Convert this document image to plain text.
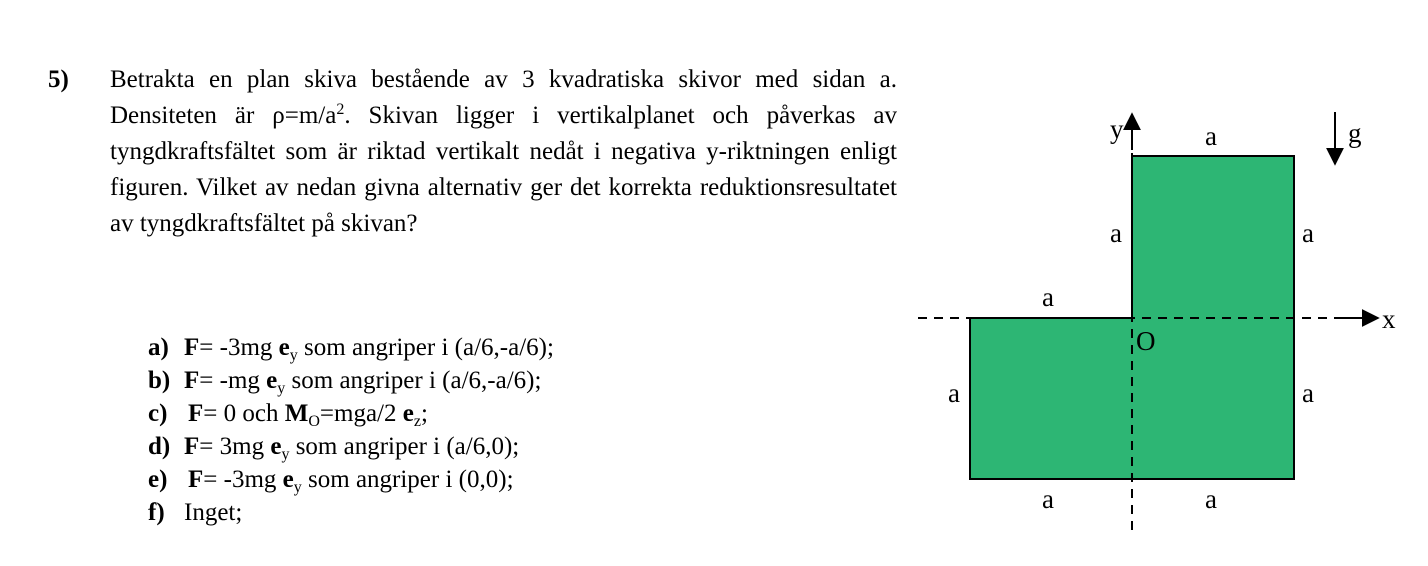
5) Betrakta en plan skiva bestående av 3 kvadratiska skivor med sidan a. Densiteten är $\rho=m/a^2$. Skivan ligger i vertikalplanet och påverkas av tyngdkraftsfältet som är riktad vertikalt nedåt i negativa y-riktningen enligt figuren. Vilket av nedan givna alternativ ger det korrekta reduktionsresultatet av tyngdkraftsfältet på skivan?
a) F= -3mg $e_y$ som angriper i (a/6,-a/6);
b) F= -mg $e_y$ som angriper i (a/6,-a/6);
c) F= 0 och $M_O=mga/2$ $e_z$;
d) F= 3mg $e_y$ som angriper i (a/6,0);
e) F= -3mg $e_y$ som angriper i (0,0);
f) Inget;
y
x
O
g
a
a	a
a
a	a
a	a
